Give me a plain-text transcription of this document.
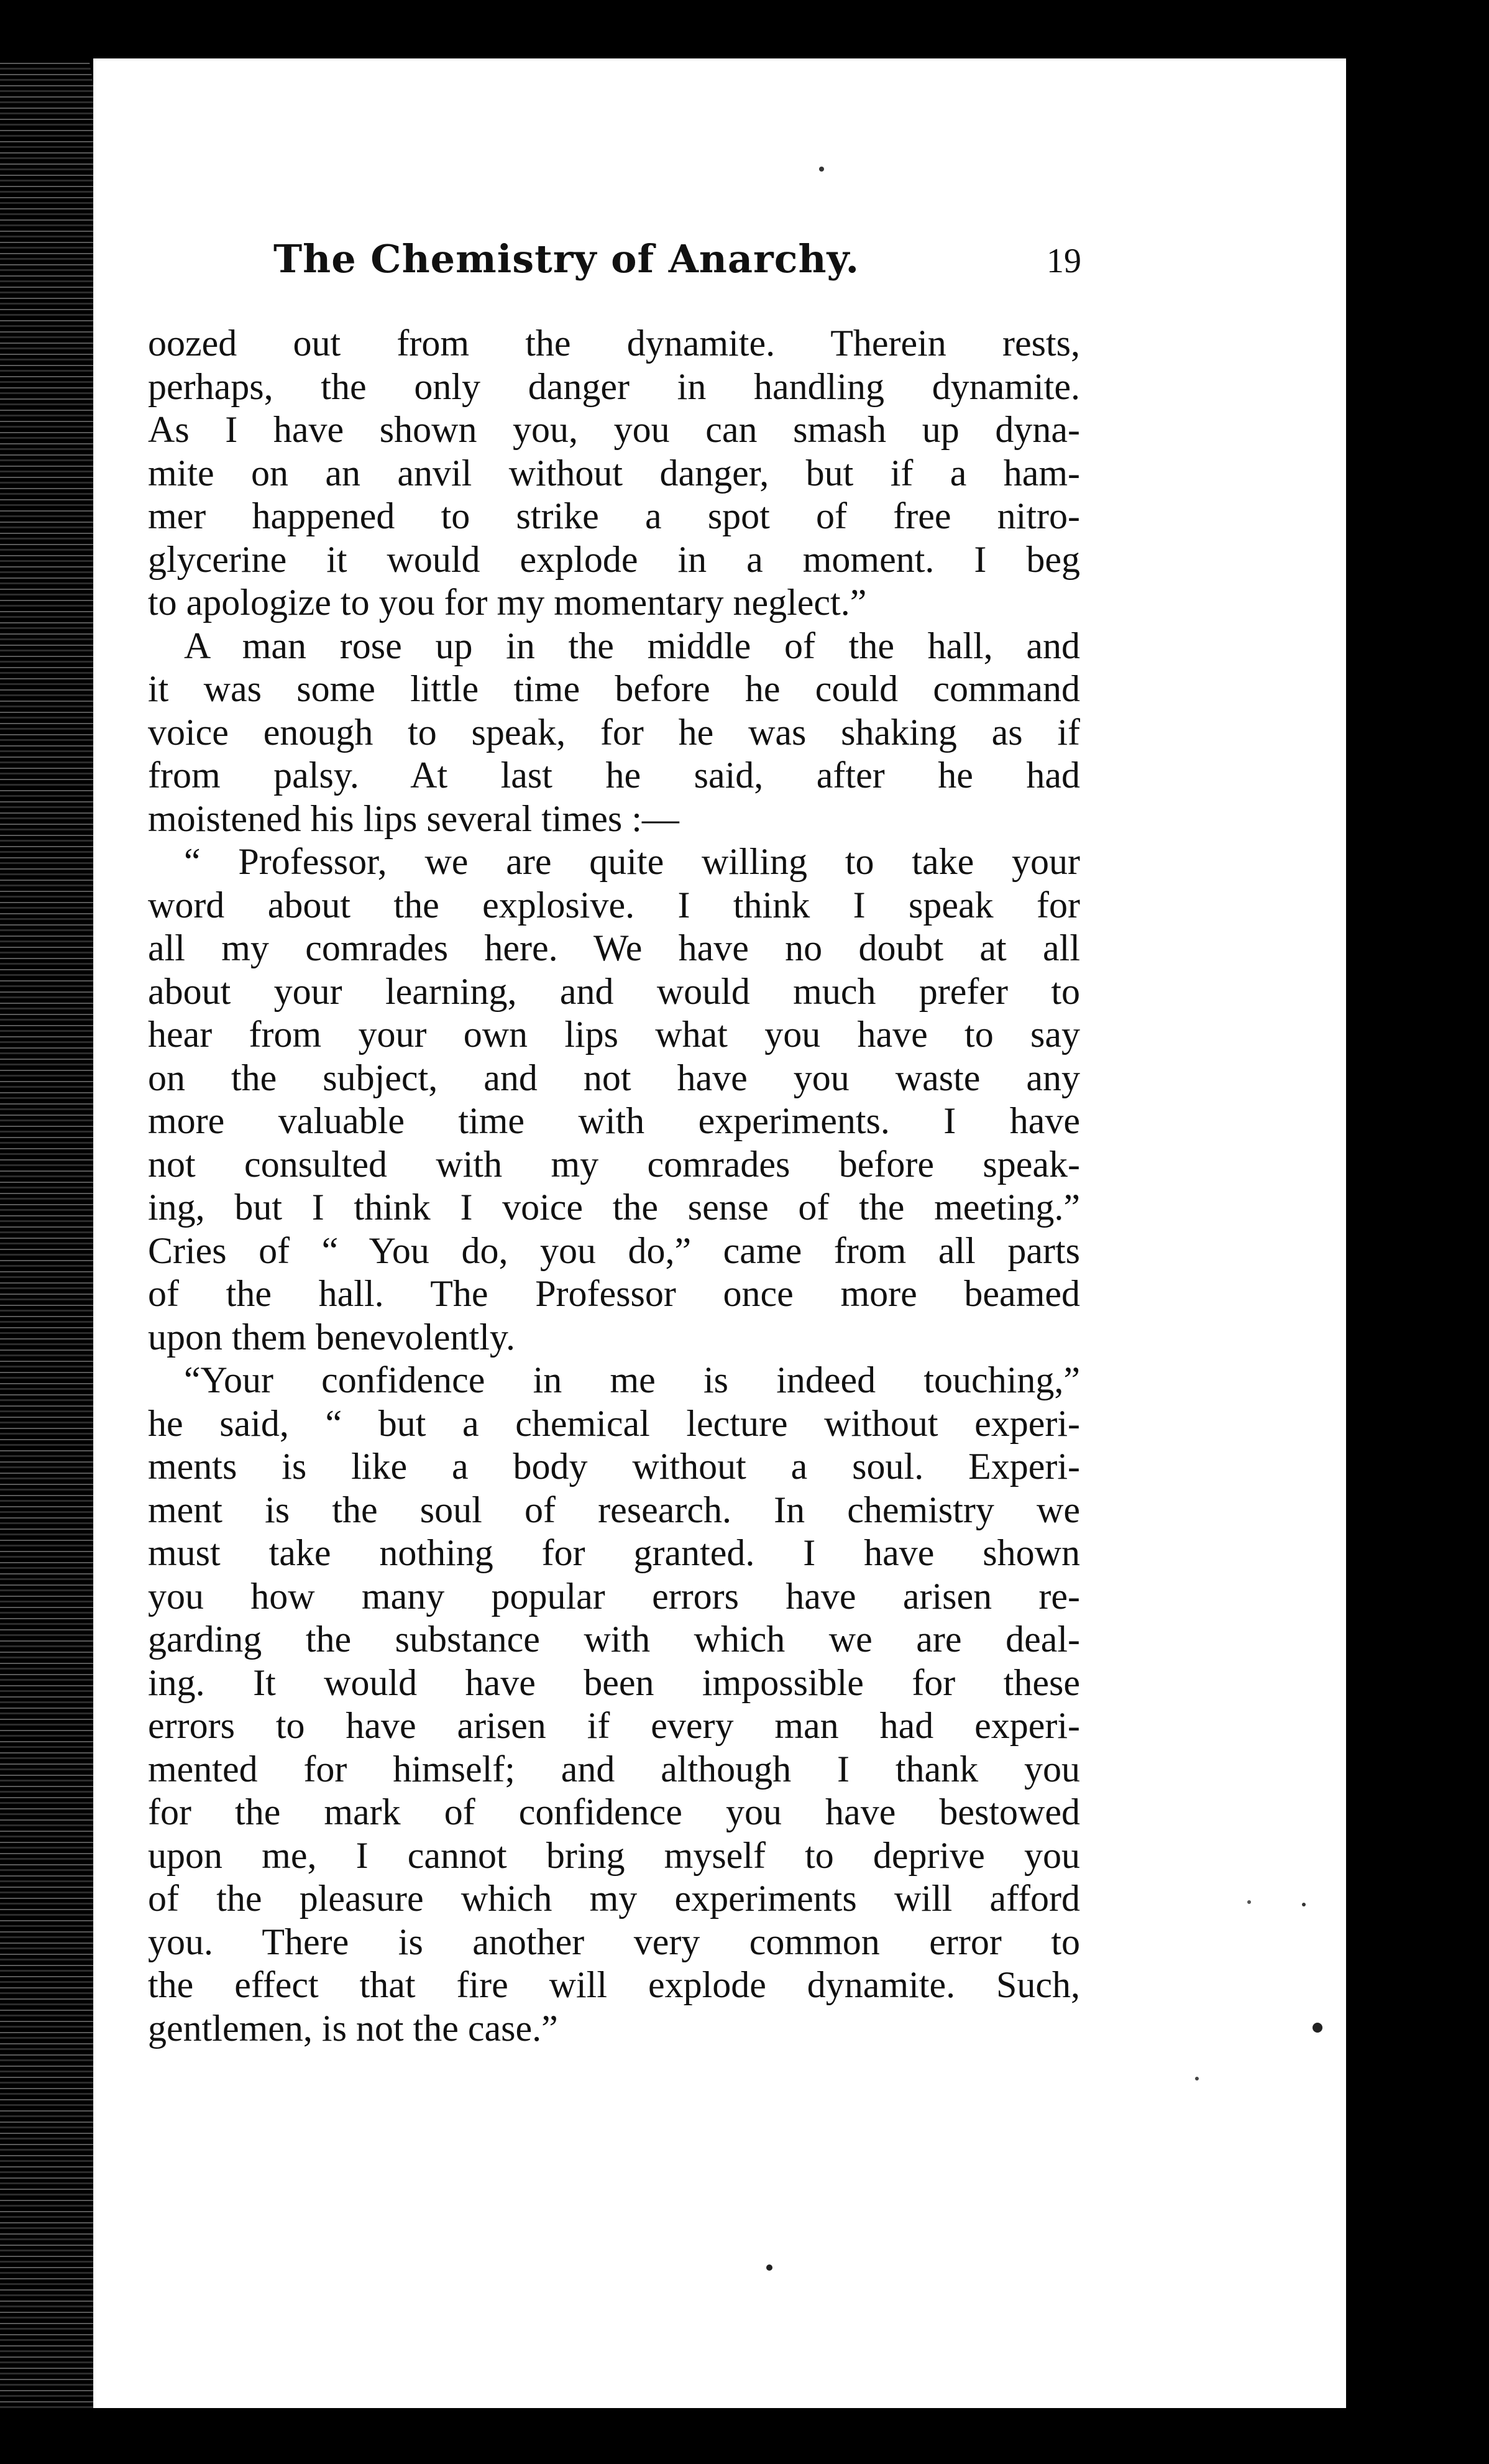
The Chemistry of Anarchy.	19
oozed out from the dynamite. Therein rests,
perhaps, the only danger in handling dynamite.
As I have shown you, you can smash up dyna-
mite on an anvil without danger, but if a ham-
mer happened to strike a spot of free nitro-
glycerine it would explode in a moment. I beg
to apologize to you for my momentary neglect.”
A man rose up in the middle of the hall, and
it was some little time before he could command
voice enough to speak, for he was shaking as if
from palsy. At last he said, after he had
moistened his lips several times :—
“ Professor, we are quite willing to take your
word about the explosive. I think I speak for
all my comrades here. We have no doubt at all
about your learning, and would much prefer to
hear from your own lips what you have to say
on the subject, and not have you waste any
more valuable time with experiments. I have
not consulted with my comrades before speak-
ing, but I think I voice the sense of the meeting.”
Cries of “ You do, you do,” came from all parts
of the hall. The Professor once more beamed
upon them benevolently.
“Your confidence in me is indeed touching,”
he said, “ but a chemical lecture without experi-
ments is like a body without a soul. Experi-
ment is the soul of research. In chemistry we
must take nothing for granted. I have shown
you how many popular errors have arisen re-
garding the substance with which we are deal-
ing. It would have been impossible for these
errors to have arisen if every man had experi-
mented for himself; and although I thank you
for the mark of confidence you have bestowed
upon me, I cannot bring myself to deprive you
of the pleasure which my experiments will afford
you. There is another very common error to
the effect that fire will explode dynamite. Such,
gentlemen, is not the case.”
